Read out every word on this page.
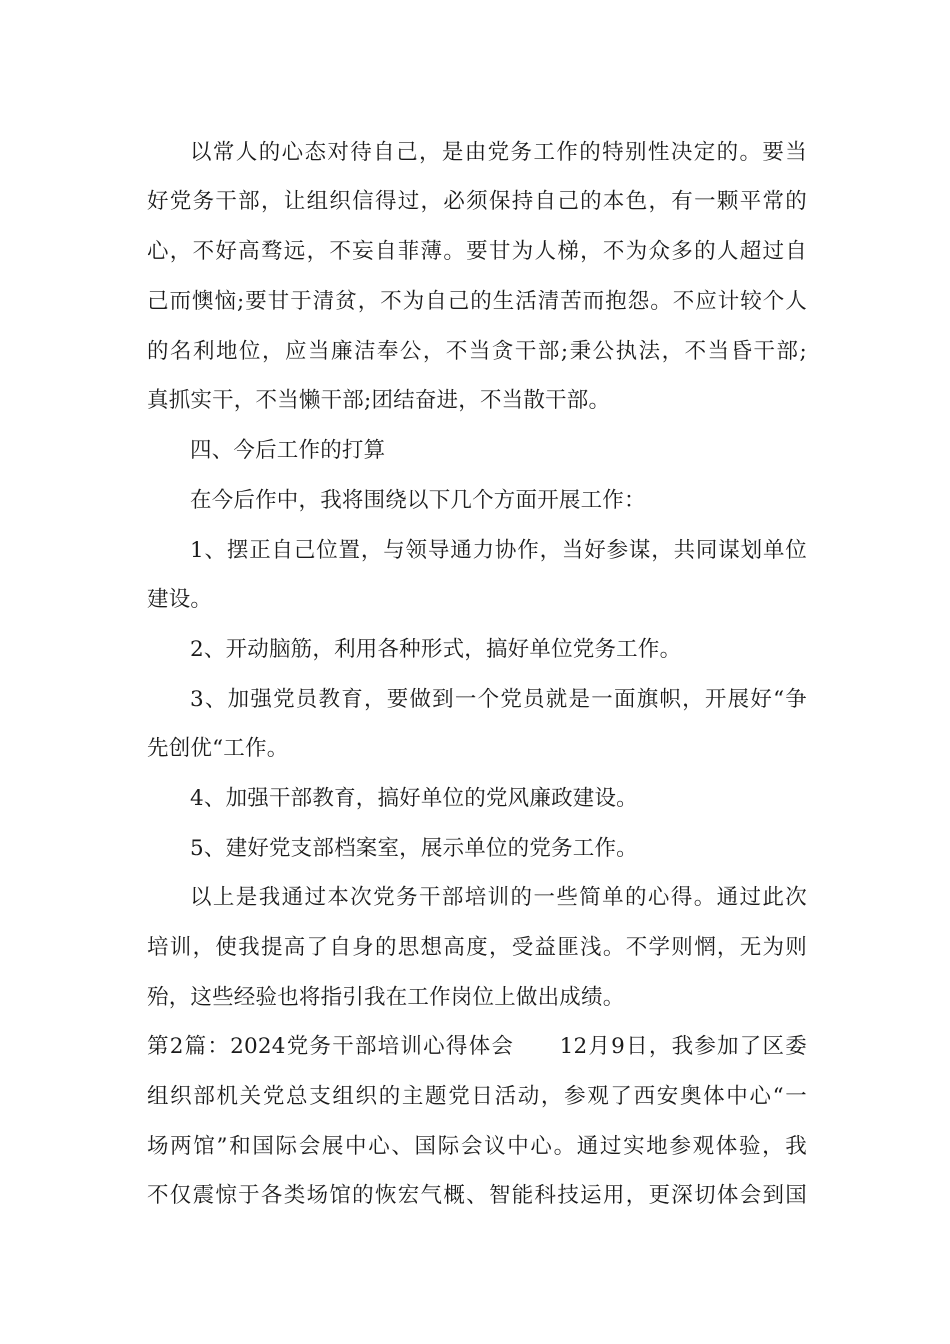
以常人的心态对待自己，是由党务工作的特别性决定的。要当
好党务干部，让组织信得过，必须保持自己的本色，有一颗平常的
心，不好高骛远，不妄自菲薄。要甘为人梯，不为众多的人超过自
己而懊恼;要甘于清贫，不为自己的生活清苦而抱怨。不应计较个人
的名利地位，应当廉洁奉公，不当贪干部;秉公执法，不当昏干部;
真抓实干，不当懒干部;团结奋进，不当散干部。
四、今后工作的打算
在今后作中，我将围绕以下几个方面开展工作：
1、摆正自己位置，与领导通力协作，当好参谋，共同谋划单位
建设。
2、开动脑筋，利用各种形式，搞好单位党务工作。
3、加强党员教育，要做到一个党员就是一面旗帜，开展好“争
先创优“工作。
4、加强干部教育，搞好单位的党风廉政建设。
5、建好党支部档案室，展示单位的党务工作。
以上是我通过本次党务干部培训的一些简单的心得。通过此次
培训，使我提高了自身的思想高度，受益匪浅。不学则惘，无为则
殆，这些经验也将指引我在工作岗位上做出成绩。
第2篇：2024党务干部培训心得体会　　12月9日，我参加了区委
组织部机关党总支组织的主题党日活动，参观了西安奥体中心“一
场两馆”和国际会展中心、国际会议中心。通过实地参观体验，我
不仅震惊于各类场馆的恢宏气概、智能科技运用，更深切体会到国
